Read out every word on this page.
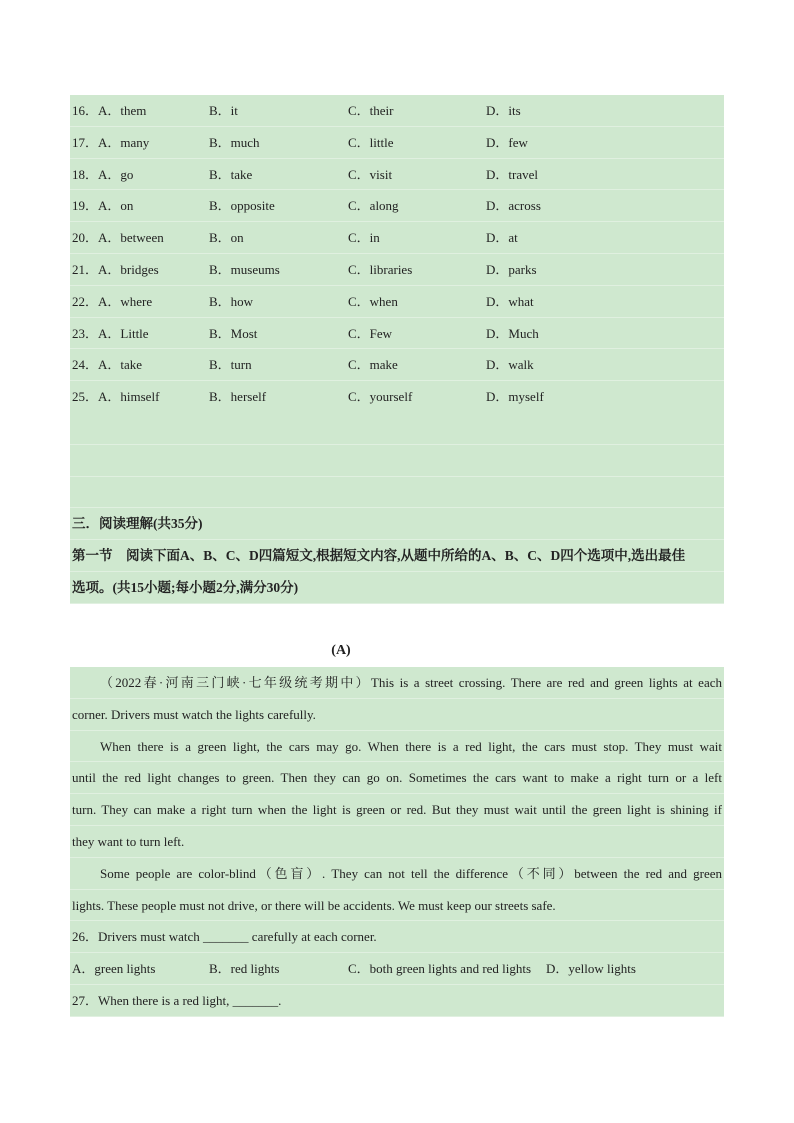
16．A．them	B．it	C．their	D．its
17．A．many	B．much	C．little	D．few
18．A．go	B．take	C．visit	D．travel
19．A．on	B．opposite	C．along	D．across
20．A．between	B．on	C．in	D．at
21．A．bridges	B．museums	C．libraries	D．parks
22．A．where	B．how	C．when	D．what
23．A．Little	B．Most	C．Few	D．Much
24．A．take	B．turn	C．make	D．walk
25．A．himself	B．herself	C．yourself	D．myself
三．阅读理解(共35分)
第一节　阅读下面A、B、C、D四篇短文,根据短文内容,从题中所给的A、B、C、D四个选项中,选出最佳
选项。(共15小题;每小题2分,满分30分)
(A)
（2022春·河南三门峡·七年级统考期中）This is a street crossing. There are red and green lights at each
corner. Drivers must watch the lights carefully.
When there is a green light, the cars may go. When there is a red light, the cars must stop. They must wait
until the red light changes to green. Then they can go on. Sometimes the cars want to make a right turn or a left
turn. They can make a right turn when the light is green or red. But they must wait until the green light is shining if
they want to turn left.
Some people are color-blind（色盲）. They can not tell the difference（不同）between the red and green
lights. These people must not drive, or there will be accidents. We must keep our streets safe.
26．Drivers must watch _______ carefully at each corner.
A．green lights	B．red lights	C．both green lights and red lights D．yellow lights
27．When there is a red light, _______.
